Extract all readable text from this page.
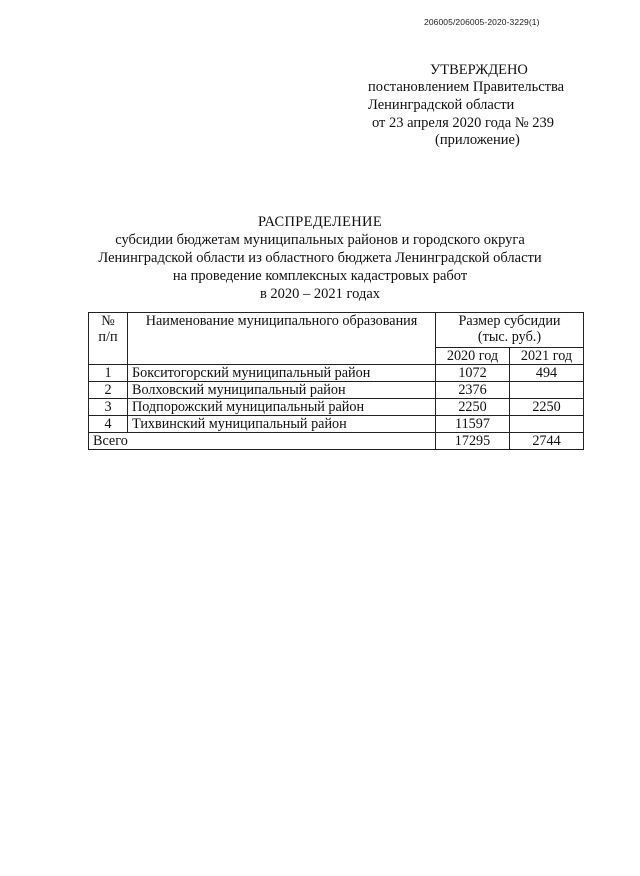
206005/206005-2020-3229(1)
УТВЕРЖДЕНО
постановлением Правительства
Ленинградской области
от 23 апреля 2020 года № 239
(приложение)
РАСПРЕДЕЛЕНИЕ
субсидии бюджетам муниципальных районов и городского округа
Ленинградской области из областного бюджета Ленинградской области
на проведение комплексных кадастровых работ
в 2020 – 2021 годах
№
п/п	Наименование муниципального образования	Размер субсидии
(тыс. руб.)	
		2020 год	2021 год
1	Бокситогорский муниципальный район	1072	494
2	Волховский муниципальный район	2376	
3	Подпорожский муниципальный район	2250	2250
4	Тихвинский муниципальный район	11597	
Всего		17295	2744
